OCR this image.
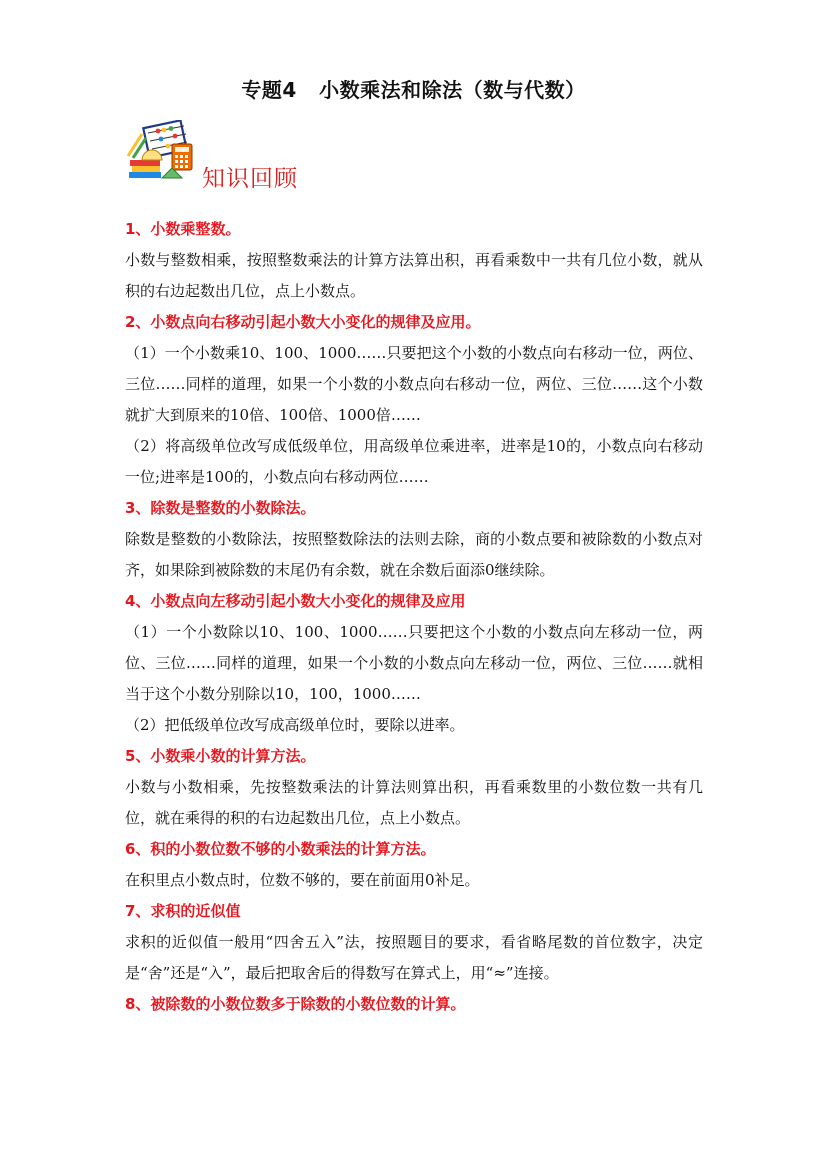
专题4   小数乘法和除法（数与代数）
知识回顾
1、小数乘整数。
小数与整数相乘，按照整数乘法的计算方法算出积，再看乘数中一共有几位小数，就从积的右边起数出几位，点上小数点。
2、小数点向右移动引起小数大小变化的规律及应用。
（1）一个小数乘10、100、1000……只要把这个小数的小数点向右移动一位，两位、三位……同样的道理，如果一个小数的小数点向右移动一位，两位、三位……这个小数就扩大到原来的10倍、100倍、1000倍……
（2）将高级单位改写成低级单位，用高级单位乘进率，进率是10的，小数点向右移动一位;进率是100的，小数点向右移动两位……
3、除数是整数的小数除法。
除数是整数的小数除法，按照整数除法的法则去除，商的小数点要和被除数的小数点对齐，如果除到被除数的末尾仍有余数，就在余数后面添0继续除。
4、小数点向左移动引起小数大小变化的规律及应用
（1）一个小数除以10、100、1000……只要把这个小数的小数点向左移动一位，两位、三位……同样的道理，如果一个小数的小数点向左移动一位，两位、三位……就相当于这个小数分别除以10，100，1000……
（2）把低级单位改写成高级单位时，要除以进率。
5、小数乘小数的计算方法。
小数与小数相乘，先按整数乘法的计算法则算出积，再看乘数里的小数位数一共有几位，就在乘得的积的右边起数出几位，点上小数点。
6、积的小数位数不够的小数乘法的计算方法。
在积里点小数点时，位数不够的，要在前面用0补足。
7、求积的近似值
求积的近似值一般用“四舍五入”法，按照题目的要求，看省略尾数的首位数字，决定是“舍”还是“入”，最后把取舍后的得数写在算式上，用“≈”连接。
8、被除数的小数位数多于除数的小数位数的计算。
